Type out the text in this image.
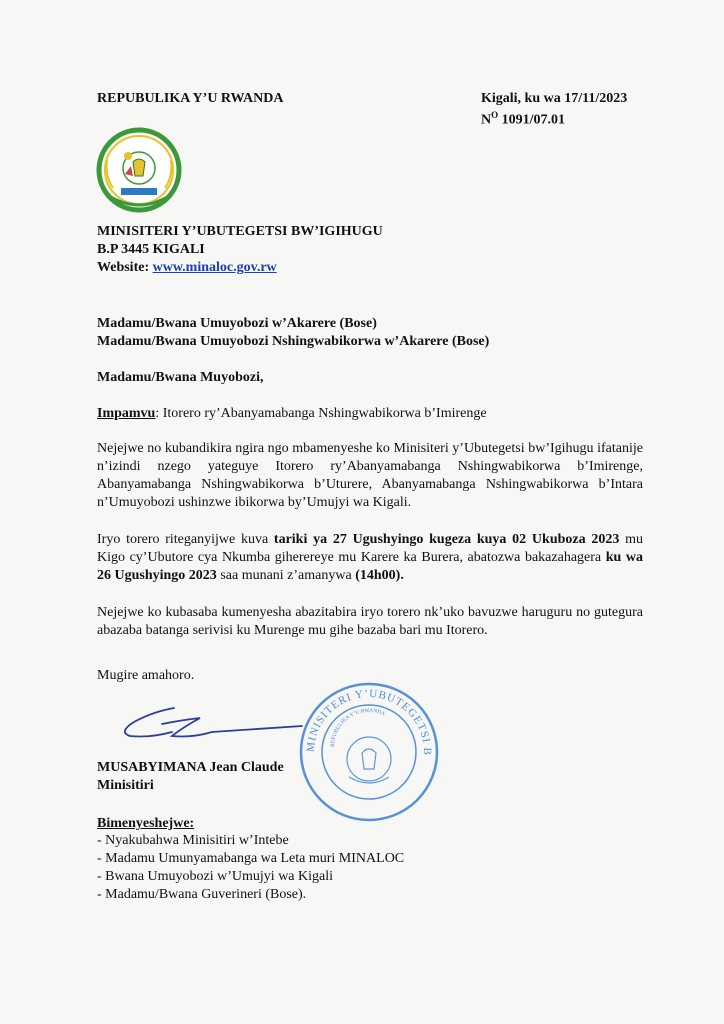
REPUBULIKA Y’U RWANDA	Kigali, ku wa 17/11/2023
$N^O$ 1091/07.01
MINISITERI Y’UBUTEGETSI BW’IGIHUGU
B.P 3445 KIGALI
Website: www.minaloc.gov.rw
Madamu/Bwana Umuyobozi w’Akarere (Bose)
Madamu/Bwana Umuyobozi Nshingwabikorwa w’Akarere (Bose)
Madamu/Bwana Muyobozi,
Impamvu: Itorero ry’Abanyamabanga Nshingwabikorwa b’Imirenge
Nejejwe no kubandikira ngira ngo mbamenyeshe ko Minisiteri y’Ubutegetsi bw’Igihugu ifatanije n’izindi nzego yateguye Itorero ry’Abanyamabanga Nshingwabikorwa b’Imirenge, Abanyamabanga Nshingwabikorwa b’Uturere, Abanyamabanga Nshingwabikorwa b’Intara n’Umuyobozi ushinzwe ibikorwa by’Umujyi wa Kigali.
Iryo torero riteganyijwe kuva tariki ya 27 Ugushyingo kugeza kuya 02 Ukuboza 2023 mu Kigo cy’Ubutore cya Nkumba giherereye mu Karere ka Burera, abatozwa bakazahagera ku wa 26 Ugushyingo 2023 saa munani z’amanywa (14h00).
Nejejwe ko kubasaba kumenyesha abazitabira iryo torero nk’uko bavuzwe haruguru no gutegura abazaba batanga serivisi ku Murenge mu gihe bazaba bari mu Itorero.
Mugire amahoro.
MINISITERI Y’UBUTEGETSI B
REPUBULIKA Y’U RWANDA
MUSABYIMANA Jean Claude
Minisitiri
Bimenyeshejwe:
- Nyakubahwa Minisitiri w’Intebe
- Madamu Umunyamabanga wa Leta muri MINALOC
- Bwana Umuyobozi w’Umujyi wa Kigali
- Madamu/Bwana Guverineri (Bose).
